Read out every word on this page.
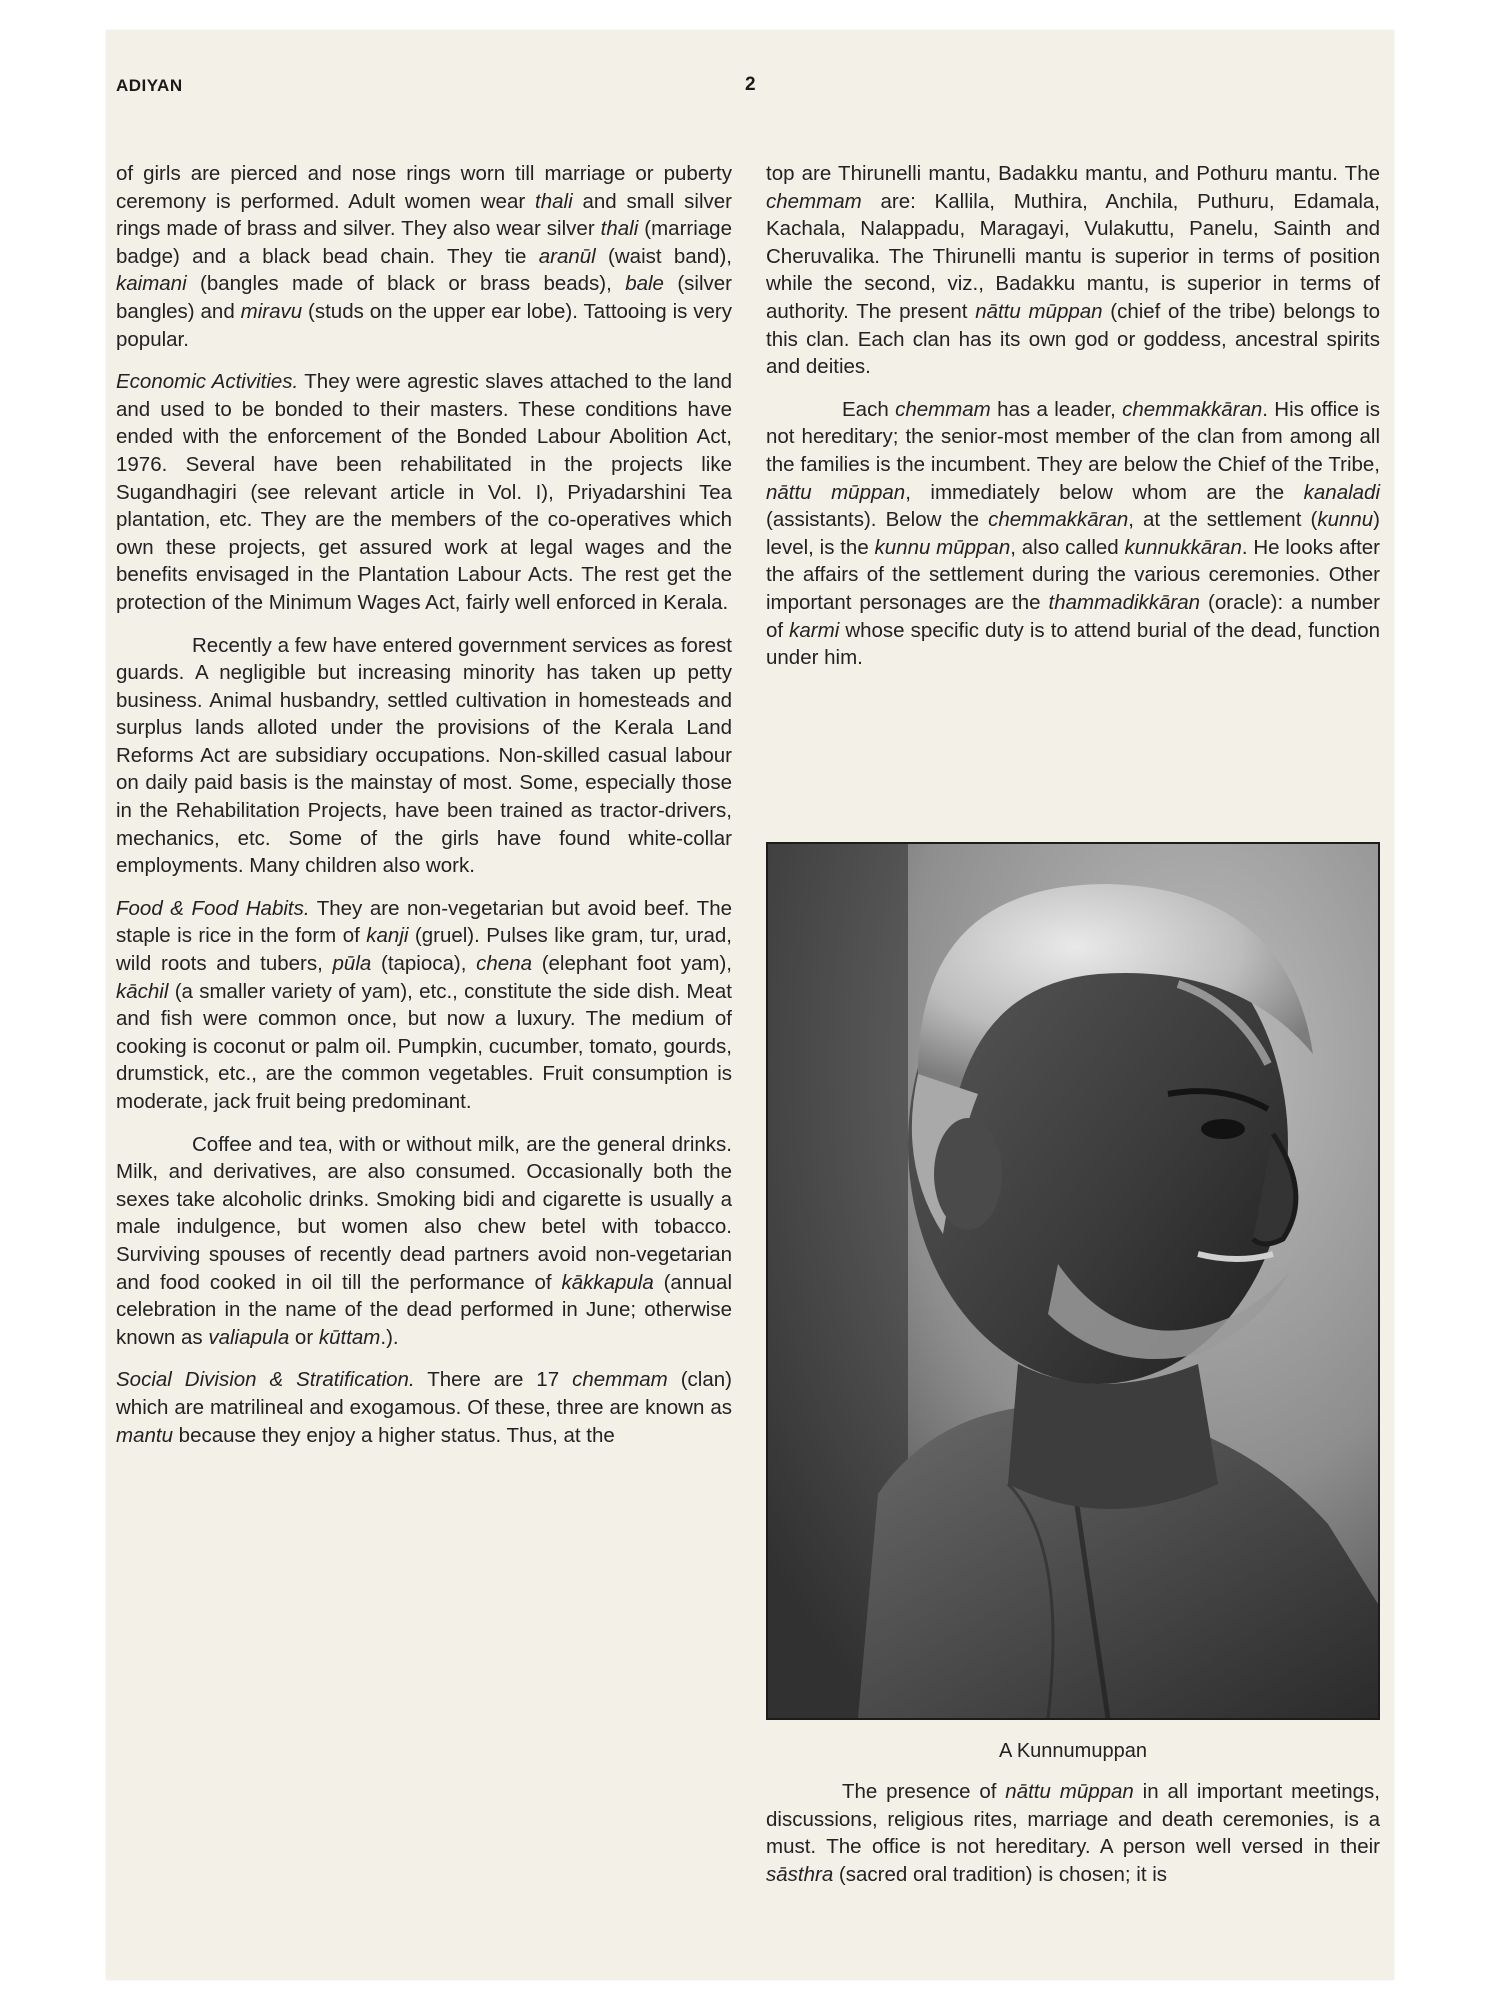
ADIYAN	2

of girls are pierced and nose rings worn till marriage or puberty ceremony is performed. Adult women wear thali and small silver rings made of brass and silver. They also wear silver thali (marriage badge) and a black bead chain. They tie aranūl (waist band), kaimani (bangles made of black or brass beads), bale (silver bangles) and miravu (studs on the upper ear lobe). Tattooing is very popular.

Economic Activities. They were agrestic slaves attached to the land and used to be bonded to their masters. These conditions have ended with the enforcement of the Bonded Labour Abolition Act, 1976. Several have been rehabilitated in the projects like Sugandhagiri (see relevant article in Vol. I), Priyadarshini Tea plantation, etc. They are the members of the co-operatives which own these projects, get assured work at legal wages and the benefits envisaged in the Plantation Labour Acts. The rest get the protection of the Minimum Wages Act, fairly well enforced in Kerala.

Recently a few have entered government services as forest guards. A negligible but increasing minority has taken up petty business. Animal husbandry, settled cultivation in homesteads and surplus lands alloted under the provisions of the Kerala Land Reforms Act are subsidiary occupations. Non-skilled casual labour on daily paid basis is the mainstay of most. Some, especially those in the Rehabilitation Projects, have been trained as tractor-drivers, mechanics, etc. Some of the girls have found white-collar employments. Many children also work.

Food & Food Habits. They are non-vegetarian but avoid beef. The staple is rice in the form of kanji (gruel). Pulses like gram, tur, urad, wild roots and tubers, pūla (tapioca), chena (elephant foot yam), kāchil (a smaller variety of yam), etc., constitute the side dish. Meat and fish were common once, but now a luxury. The medium of cooking is coconut or palm oil. Pumpkin, cucumber, tomato, gourds, drumstick, etc., are the common vegetables. Fruit consumption is moderate, jack fruit being predominant.

Coffee and tea, with or without milk, are the general drinks. Milk, and derivatives, are also consumed. Occasionally both the sexes take alcoholic drinks. Smoking bidi and cigarette is usually a male indulgence, but women also chew betel with tobacco. Surviving spouses of recently dead partners avoid non-vegetarian and food cooked in oil till the performance of kākkapula (annual celebration in the name of the dead performed in June; otherwise known as valiapula or kūttam.).

Social Division & Stratification. There are 17 chemmam (clan) which are matrilineal and exogamous. Of these, three are known as mantu because they enjoy a higher status. Thus, at the

top are Thirunelli mantu, Badakku mantu, and Pothuru mantu. The chemmam are: Kallila, Muthira, Anchila, Puthuru, Edamala, Kachala, Nalappadu, Maragayi, Vulakuttu, Panelu, Sainth and Cheruvalika. The Thirunelli mantu is superior in terms of position while the second, viz., Badakku mantu, is superior in terms of authority. The present nāttu mūppan (chief of the tribe) belongs to this clan. Each clan has its own god or goddess, ancestral spirits and deities.

Each chemmam has a leader, chemmakkāran. His office is not hereditary; the senior-most member of the clan from among all the families is the incumbent. They are below the Chief of the Tribe, nāttu mūppan, immediately below whom are the kanaladi (assistants). Below the chemmakkāran, at the settlement (kunnu) level, is the kunnu mūppan, also called kunnukkāran. He looks after the affairs of the settlement during the various ceremonies. Other important personages are the thammadikkāran (oracle): a number of karmi whose specific duty is to attend burial of the dead, function under him.

A Kunnumuppan

The presence of nāttu mūppan in all important meetings, discussions, religious rites, marriage and death ceremonies, is a must. The office is not hereditary. A person well versed in their sāsthra (sacred oral tradition) is chosen; it is
